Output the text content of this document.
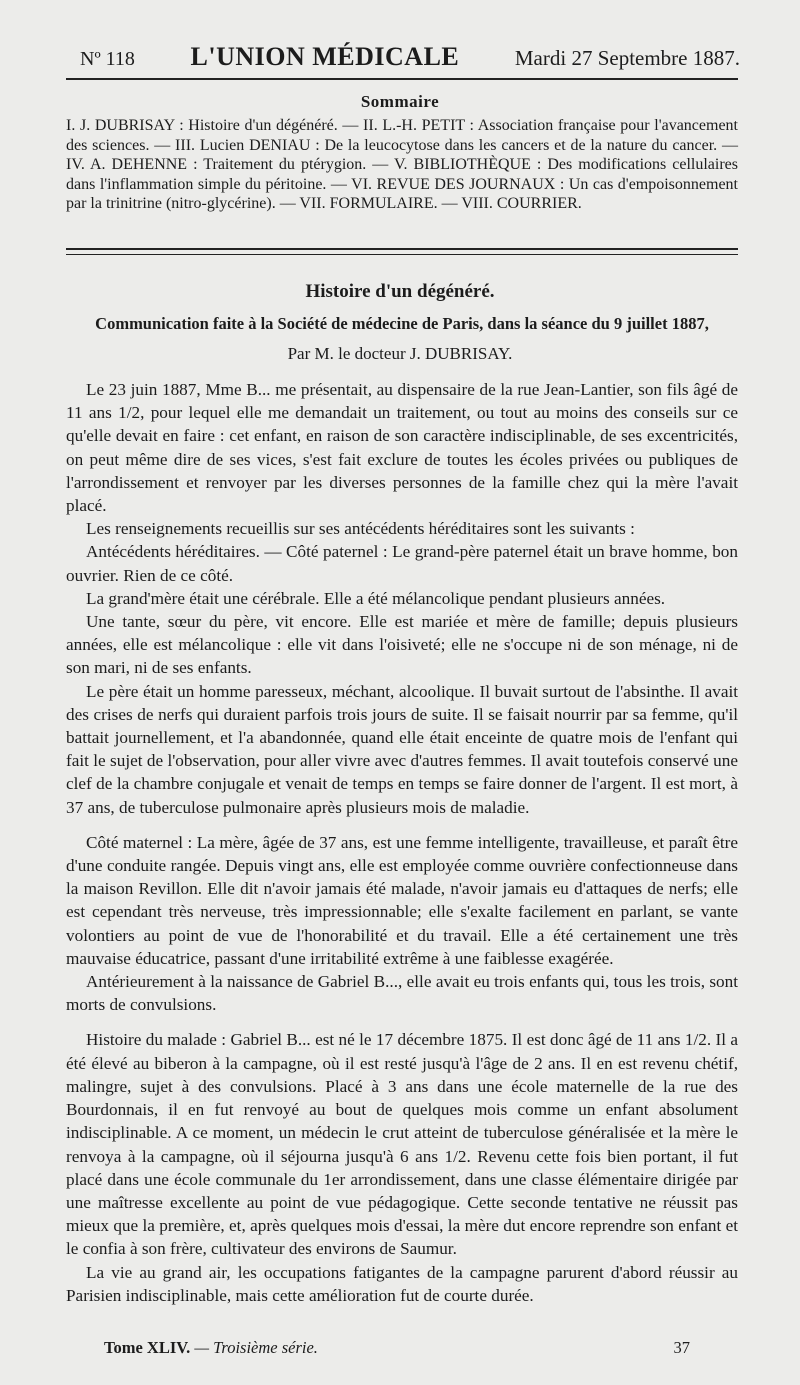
Nº 118 L'UNION MÉDICALE	Mardi 27 Septembre 1887.
Sommaire
I. J. DUBRISAY : Histoire d'un dégénéré. — II. L.-H. PETIT : Association française pour l'avancement des sciences. — III. Lucien DENIAU : De la leucocytose dans les cancers et de la nature du cancer. — IV. A. DEHENNE : Traitement du ptérygion. — V. BIBLIOTHÈQUE : Des modifications cellulaires dans l'inflammation simple du péritoine. — VI. REVUE DES JOURNAUX : Un cas d'empoisonnement par la trinitrine (nitro-glycérine). — VII. FORMULAIRE. — VIII. COURRIER.
Histoire d'un dégénéré.
Communication faite à la Société de médecine de Paris, dans la séance du 9 juillet 1887,
Par M. le docteur J. DUBRISAY.

Le 23 juin 1887, Mme B... me présentait, au dispensaire de la rue Jean-Lantier, son fils âgé de 11 ans 1/2, pour lequel elle me demandait un traitement, ou tout au moins des conseils sur ce qu'elle devait en faire : cet enfant, en raison de son caractère indisciplinable, de ses excentricités, on peut même dire de ses vices, s'est fait exclure de toutes les écoles privées ou publiques de l'arrondissement et renvoyer par les diverses personnes de la famille chez qui la mère l'avait placé.

Les renseignements recueillis sur ses antécédents héréditaires sont les suivants :

Antécédents héréditaires. — Côté paternel : Le grand-père paternel était un brave homme, bon ouvrier. Rien de ce côté.

La grand'mère était une cérébrale. Elle a été mélancolique pendant plusieurs années.

Une tante, sœur du père, vit encore. Elle est mariée et mère de famille; depuis plusieurs années, elle est mélancolique : elle vit dans l'oisiveté; elle ne s'occupe ni de son ménage, ni de son mari, ni de ses enfants.

Le père était un homme paresseux, méchant, alcoolique. Il buvait surtout de l'absinthe. Il avait des crises de nerfs qui duraient parfois trois jours de suite. Il se faisait nourrir par sa femme, qu'il battait journellement, et l'a abandonnée, quand elle était enceinte de quatre mois de l'enfant qui fait le sujet de l'observation, pour aller vivre avec d'autres femmes. Il avait toutefois conservé une clef de la chambre conjugale et venait de temps en temps se faire donner de l'argent. Il est mort, à 37 ans, de tuberculose pulmonaire après plusieurs mois de maladie.

Côté maternel : La mère, âgée de 37 ans, est une femme intelligente, travailleuse, et paraît être d'une conduite rangée. Depuis vingt ans, elle est employée comme ouvrière confectionneuse dans la maison Revillon. Elle dit n'avoir jamais été malade, n'avoir jamais eu d'attaques de nerfs; elle est cependant très nerveuse, très impressionnable; elle s'exalte facilement en parlant, se vante volontiers au point de vue de l'honorabilité et du travail. Elle a été certainement une très mauvaise éducatrice, passant d'une irritabilité extrême à une faiblesse exagérée.

Antérieurement à la naissance de Gabriel B..., elle avait eu trois enfants qui, tous les trois, sont morts de convulsions.

Histoire du malade : Gabriel B... est né le 17 décembre 1875. Il est donc âgé de 11 ans 1/2. Il a été élevé au biberon à la campagne, où il est resté jusqu'à l'âge de 2 ans. Il en est revenu chétif, malingre, sujet à des convulsions. Placé à 3 ans dans une école maternelle de la rue des Bourdonnais, il en fut renvoyé au bout de quelques mois comme un enfant absolument indisciplinable. A ce moment, un médecin le crut atteint de tuberculose généralisée et la mère le renvoya à la campagne, où il séjourna jusqu'à 6 ans 1/2. Revenu cette fois bien portant, il fut placé dans une école communale du 1er arrondissement, dans une classe élémentaire dirigée par une maîtresse excellente au point de vue pédagogique. Cette seconde tentative ne réussit pas mieux que la première, et, après quelques mois d'essai, la mère dut encore reprendre son enfant et le confia à son frère, cultivateur des environs de Saumur.

La vie au grand air, les occupations fatigantes de la campagne parurent d'abord réussir au Parisien indisciplinable, mais cette amélioration fut de courte durée.

Tome XLIV. — Troisième série.	37
